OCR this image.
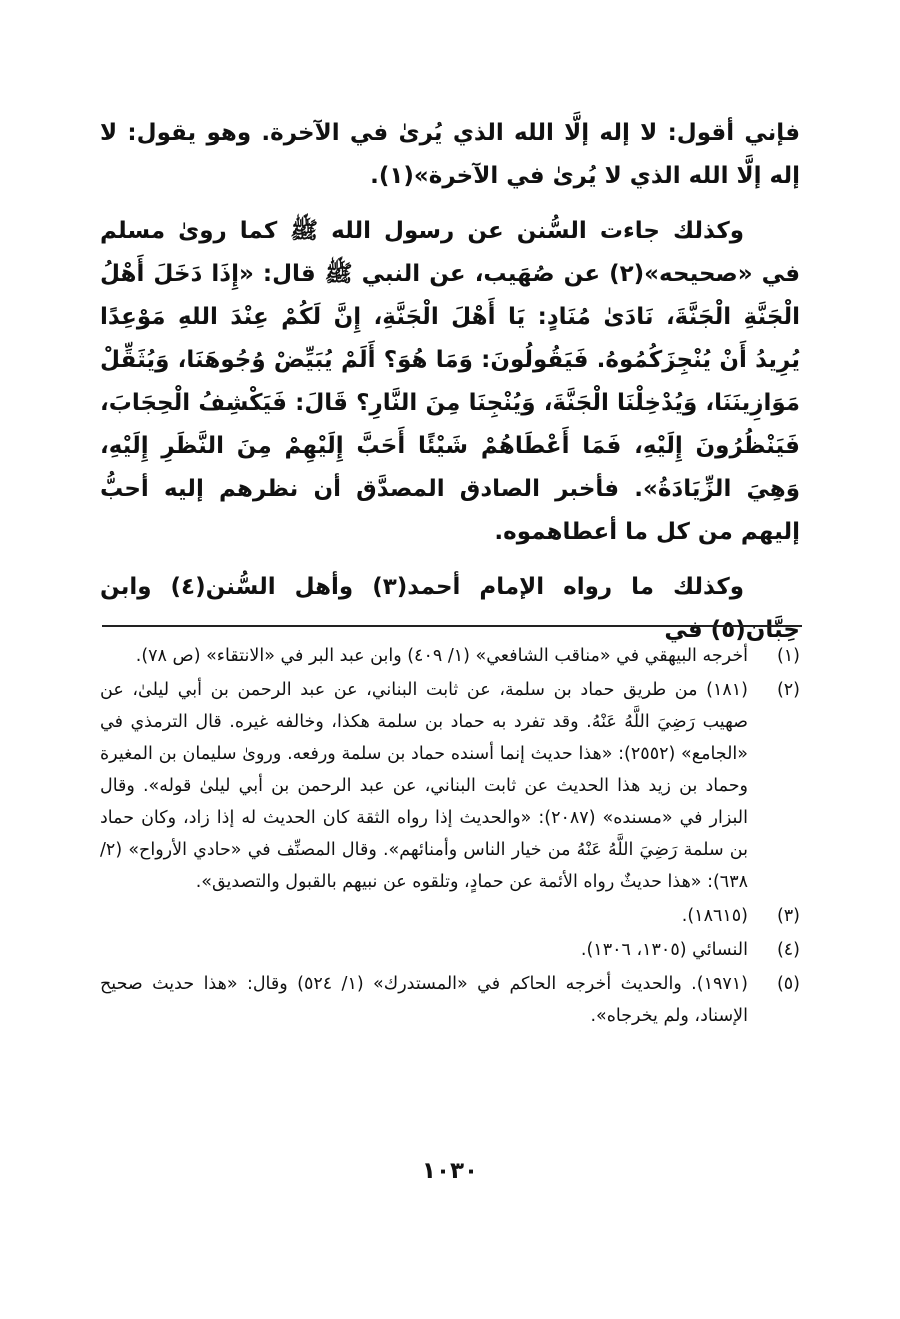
فإني أقول: لا إله إلَّا الله الذي يُرىٰ في الآخرة. وهو يقول: لا إله إلَّا الله الذي لا يُرىٰ في الآخرة»(١).

وكذلك جاءت السُّنن عن رسول الله ﷺ كما رویٰ مسلم في «صحيحه»(٢) عن صُهَيب، عن النبي ﷺ قال: «إِذَا دَخَلَ أَهْلُ الْجَنَّةِ الْجَنَّةَ، نَادَىٰ مُنَادٍ: يَا أَهْلَ الْجَنَّةِ، إِنَّ لَكُمْ عِنْدَ اللهِ مَوْعِدًا يُرِيدُ أَنْ يُنْجِزَكُمُوهُ. فَيَقُولُونَ: وَمَا هُوَ؟ أَلَمْ يُبَيِّضْ وُجُوهَنَا، وَيُثَقِّلْ مَوَازِينَنَا، وَيُدْخِلْنَا الْجَنَّةَ، وَيُنْجِنَا مِنَ النَّارِ؟ قَالَ: فَيَكْشِفُ الْحِجَابَ، فَيَنْظُرُونَ إِلَيْهِ، فَمَا أَعْطَاهُمْ شَيْئًا أَحَبَّ إِلَيْهِمْ مِنَ النَّظَرِ إِلَيْهِ، وَهِيَ الزِّيَادَةُ». فأخبر الصادق المصدَّق أن نظرهم إليه أحبُّ إليهم من كل ما أعطاهموه.

وكذلك ما رواه الإمام أحمد(٣) وأهل السُّنن(٤) وابن حِبَّان(٥) في

(١)
أخرجه البيهقي في «مناقب الشافعي» (١/ ٤٠٩) وابن عبد البر في «الانتقاء» (ص ٧٨).
(٢)
(١٨١) من طريق حماد بن سلمة، عن ثابت البناني، عن عبد الرحمن بن أبي ليلىٰ، عن صهيب رَضِيَ اللَّهُ عَنْهُ. وقد تفرد به حماد بن سلمة هكذا، وخالفه غيره. قال الترمذي في «الجامع» (٢٥٥٢): «هذا حديث إنما أسنده حماد بن سلمة ورفعه. وروىٰ سليمان بن المغيرة وحماد بن زيد هذا الحديث عن ثابت البناني، عن عبد الرحمن بن أبي ليلىٰ قوله». وقال البزار في «مسنده» (٢٠٨٧): «والحديث إذا رواه الثقة كان الحديث له إذا زاد، وكان حماد بن سلمة رَضِيَ اللَّهُ عَنْهُ من خيار الناس وأمنائهم». وقال المصنِّف في «حادي الأرواح» (٢/ ٦٣٨): «هذا حديثٌ رواه الأئمة عن حمادٍ، وتلقوه عن نبيهم بالقبول والتصديق».
(٣)
(١٨٦١٥).
(٤)
النسائي (١٣٠٥، ١٣٠٦).
(٥)
(١٩٧١). والحديث أخرجه الحاكم في «المستدرك» (١/ ٥٢٤) وقال: «هذا حديث صحيح الإسناد، ولم يخرجاه».
١٠٣٠
